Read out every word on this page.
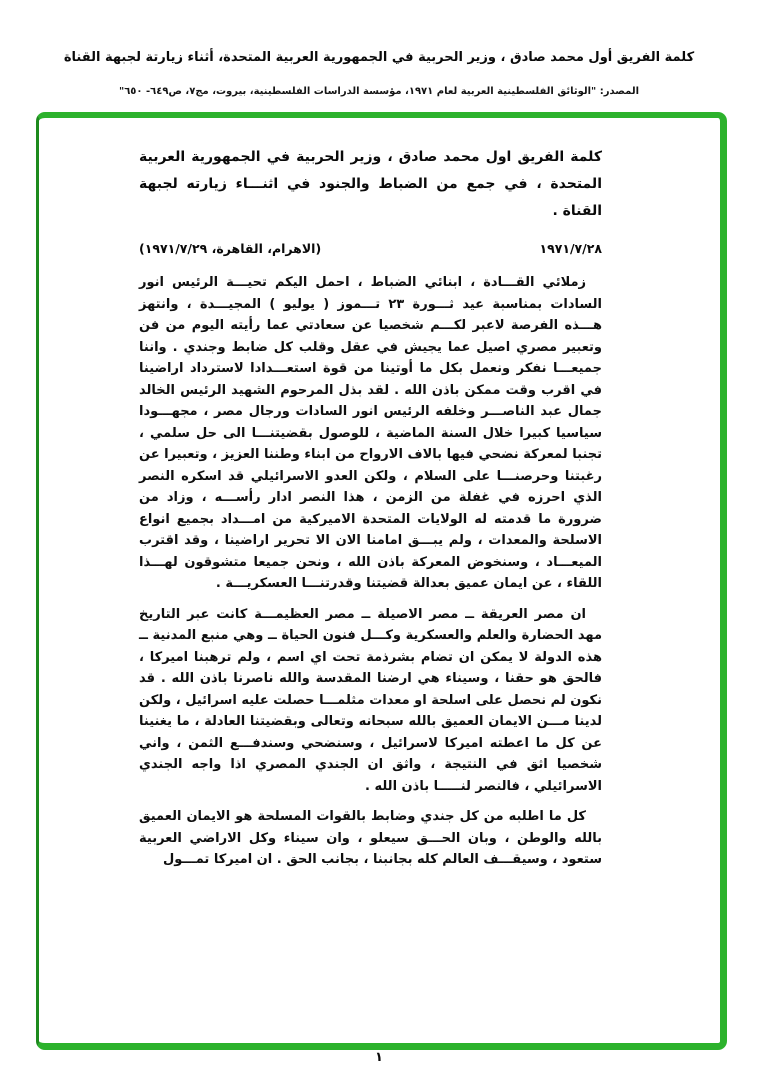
كلمة الفريق أول محمد صادق ، وزير الحربية في الجمهورية العربية المتحدة، أثناء زيارتة لجبهة القناة
المصدر: "الوثائق الفلسطينية العربية لعام ١٩٧١، مؤسسة الدراسات الفلسطينية، بيروت، مج٧، ص٦٤٩- ٦٥٠"

كلمة الفريق اول محمد صادق ، وزير الحربية في الجمهورية العربية المتحدة ، في جمع من الضباط والجنود في اثنـــاء زيارته لجبهة القناة .

١٩٧١/٧/٢٨
(الاهرام، القاهرة، ١٩٧١/٧/٢٩)

زملائي القـــادة ، ابنائي الضباط ، احمل اليكم تحيـــة الرئيس انور السادات بمناسبة عيد ثـــورة ٢٣ تـــموز ( يوليو ) المجيـــدة ، وانتهز هـــذه الفرصة لاعبر لكـــم شخصيا عن سعادتي عما رأيته اليوم من فن وتعبير مصري اصيل عما يجيش في عقل وقلب كل ضابط وجندي . واننا جميعـــا نفكر ونعمل بكل ما أوتينا من قوة استعـــدادا لاسترداد اراضينا في اقرب وقت ممكن باذن الله . لقد بذل المرحوم الشهيد الرئيس الخالد جمال عبد الناصـــر وخلفه الرئيس انور السادات ورجال مصر ، مجهـــودا سياسيا كبيرا خلال السنة الماضية ، للوصول بقضيتنـــا الى حل سلمي ، تجنبا لمعركة نضحي فيها بالاف الارواح من ابناء وطننا العزيز ، وتعبيرا عن رغبتنا وحرصنـــا على السلام ، ولكن العدو الاسرائيلي قد اسكره النصر الذي احرزه في غفلة من الزمن ، هذا النصر ادار رأســـه ، وزاد من ضرورة ما قدمته له الولايات المتحدة الاميركية من امـــداد بجميع انواع الاسلحة والمعدات ، ولم يبـــق امامنا الان الا تحرير اراضينا ، وقد اقترب الميعـــاد ، وسنخوض المعركة باذن الله ، ونحن جميعا متشوقون لهـــذا اللقاء ، عن ايمان عميق بعدالة قضيتنا وقدرتنـــا العسكريـــة .

ان مصر العريقة ــ مصر الاصيلة ــ مصر العظيمـــة كانت عبر التاريخ مهد الحضارة والعلم والعسكرية وكـــل فنون الحياة ــ وهي منبع المدنية ــ هذه الدولة لا يمكن ان تضام بشرذمة تحت اي اسم ، ولم ترهبنا اميركا ، فالحق هو حقنا ، وسيناء هي ارضنا المقدسة والله ناصرنا باذن الله . قد نكون لم نحصل على اسلحة او معدات مثلمـــا حصلت عليه اسرائيل ، ولكن لدينا مـــن الايمان العميق بالله سبحانه وتعالى وبقضيتنا العادلة ، ما يغنينا عن كل ما اعطته اميركا لاسرائيل ، وسنضحي وسندفـــع الثمن ، واني شخصيا اثق في النتيجة ، واثق ان الجندي المصري اذا واجه الجندي الاسرائيلي ، فالنصر لنـــــا باذن الله .

كل ما اطلبه من كل جندي وضابط بالقوات المسلحة هو الايمان العميق بالله والوطن ، وبان الحـــق سيعلو ، وان سيناء وكل الاراضي العربية ستعود ، وسيقـــف العالم كله بجانبنا ، بجانب الحق . ان اميركا تمـــول

١
